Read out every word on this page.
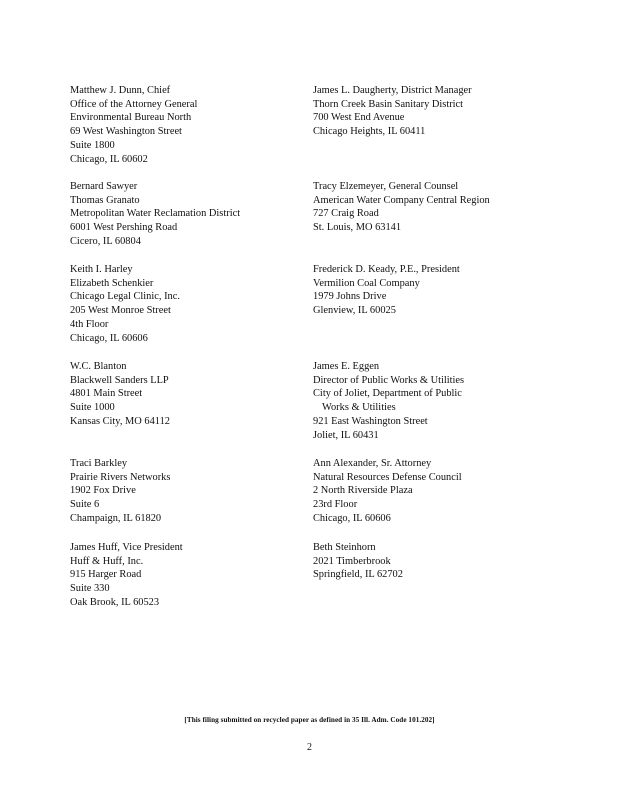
Matthew J. Dunn, Chief
Office of the Attorney General
Environmental Bureau North
69 West Washington Street
Suite 1800
Chicago, IL 60602
Bernard Sawyer
Thomas Granato
Metropolitan Water Reclamation District
6001 West Pershing Road
Cicero, IL 60804
Keith I. Harley
Elizabeth Schenkier
Chicago Legal Clinic, Inc.
205 West Monroe Street
4th Floor
Chicago, IL 60606
W.C. Blanton
Blackwell Sanders LLP
4801 Main Street
Suite 1000
Kansas City, MO 64112
Traci Barkley
Prairie Rivers Networks
1902 Fox Drive
Suite 6
Champaign, IL 61820
James Huff, Vice President
Huff & Huff, Inc.
915 Harger Road
Suite 330
Oak Brook, IL 60523
James L. Daugherty, District Manager
Thorn Creek Basin Sanitary District
700 West End Avenue
Chicago Heights, IL 60411
Tracy Elzemeyer, General Counsel
American Water Company Central Region
727 Craig Road
St. Louis, MO 63141
Frederick D. Keady, P.E., President
Vermilion Coal Company
1979 Johns Drive
Glenview, IL 60025
James E. Eggen
Director of Public Works & Utilities
City of Joliet, Department of Public
Works & Utilities
921 East Washington Street
Joliet, IL 60431
Ann Alexander, Sr. Attorney
Natural Resources Defense Council
2 North Riverside Plaza
23rd Floor
Chicago, IL 60606
Beth Steinhorn
2021 Timberbrook
Springfield, IL 62702
[This filing submitted on recycled paper as defined in 35 Ill. Adm. Code 101.202]
2
